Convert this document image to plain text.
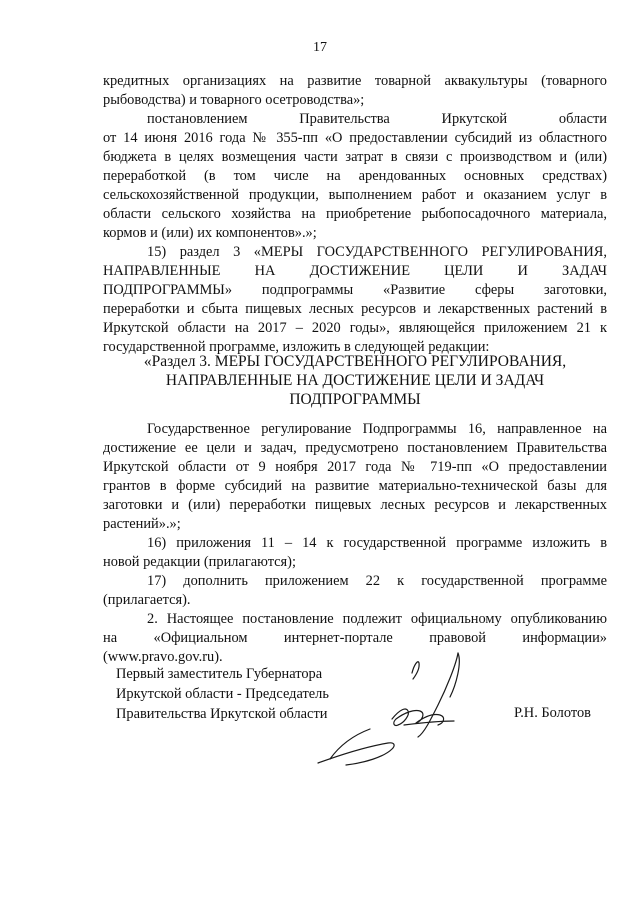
17
кредитных организациях на развитие товарной аквакультуры (товарного
рыбоводства) и товарного осетроводства»;
постановлением Правительства Иркутской области
от 14 июня 2016 года № 355-пп «О предоставлении субсидий из областного
бюджета в целях возмещения части затрат в связи с производством и (или)
переработкой (в том числе на арендованных основных средствах)
сельскохозяйственной продукции, выполнением работ и оказанием услуг в
области сельского хозяйства на приобретение рыбопосадочного материала,
кормов и (или) их компонентов».»;
15) раздел 3 «МЕРЫ ГОСУДАРСТВЕННОГО РЕГУЛИРОВАНИЯ,
НАПРАВЛЕННЫЕ НА ДОСТИЖЕНИЕ ЦЕЛИ И ЗАДАЧ
ПОДПРОГРАММЫ» подпрограммы «Развитие сферы заготовки,
переработки и сбыта пищевых лесных ресурсов и лекарственных растений в
Иркутской области на 2017 – 2020 годы», являющейся приложением 21 к
государственной программе, изложить в следующей редакции:
«Раздел 3. МЕРЫ ГОСУДАРСТВЕННОГО РЕГУЛИРОВАНИЯ,
НАПРАВЛЕННЫЕ НА ДОСТИЖЕНИЕ ЦЕЛИ И ЗАДАЧ
ПОДПРОГРАММЫ
Государственное регулирование Подпрограммы 16, направленное на
достижение ее цели и задач, предусмотрено постановлением Правительства
Иркутской области от 9 ноября 2017 года № 719-пп «О предоставлении
грантов в форме субсидий на развитие материально-технической базы для
заготовки и (или) переработки пищевых лесных ресурсов и лекарственных
растений».»;
16) приложения 11 – 14 к государственной программе изложить в
новой редакции (прилагаются);
17) дополнить приложением 22 к государственной программе
(прилагается).
2. Настоящее постановление подлежит официальному опубликованию
на «Официальном интернет-портале правовой информации»
(www.pravo.gov.ru).
Первый заместитель Губернатора
Иркутской области - Председатель
Правительства Иркутской области	Р.Н. Болотов
